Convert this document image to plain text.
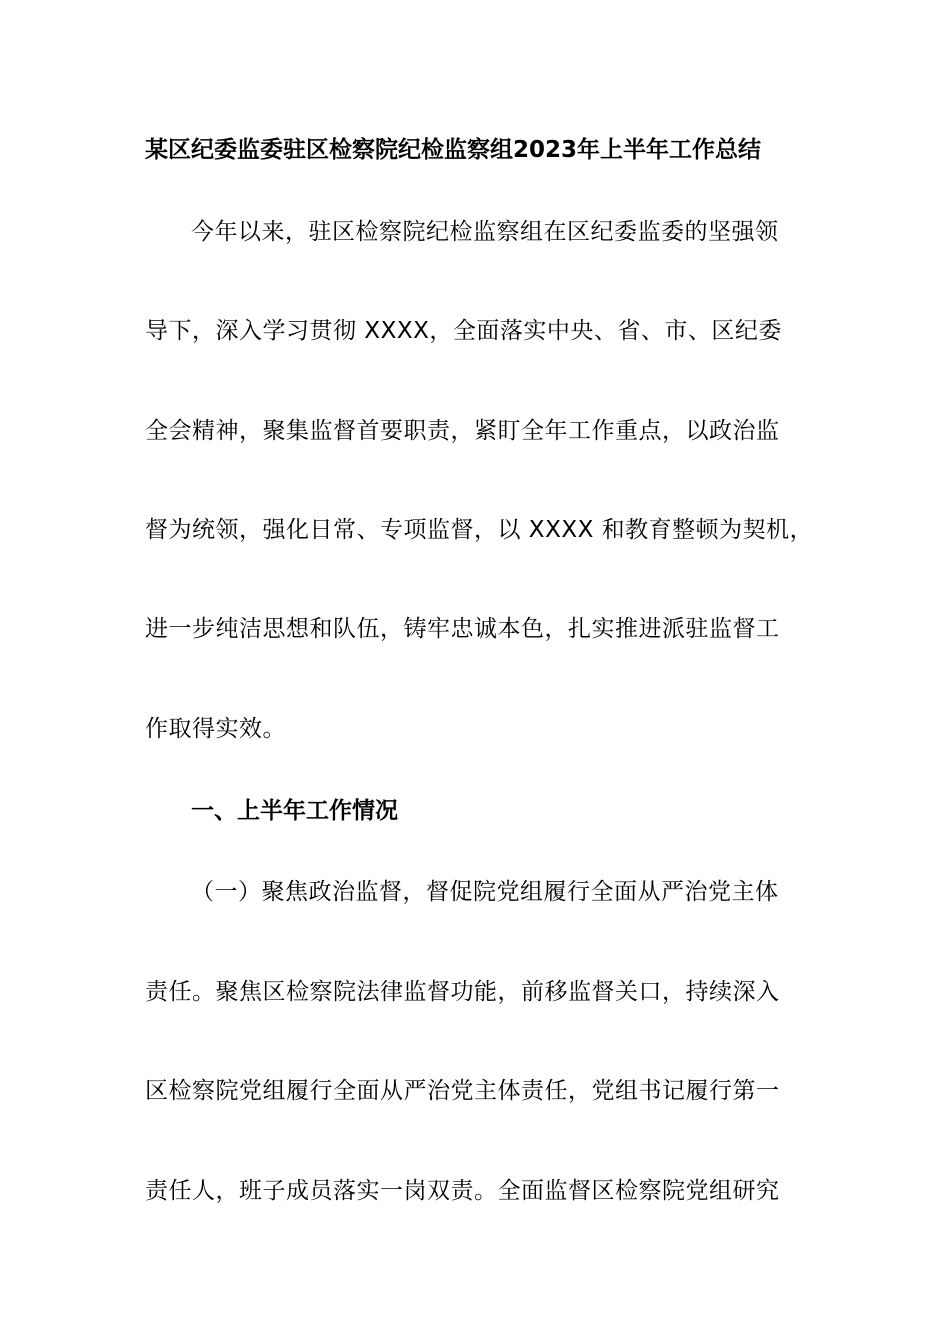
某区纪委监委驻区检察院纪检监察组2023年上半年工作总结
今年以来，驻区检察院纪检监察组在区纪委监委的坚强领
导下，深入学习贯彻 XXXX，全面落实中央、省、市、区纪委
全会精神，聚集监督首要职责，紧盯全年工作重点，以政治监
督为统领，强化日常、专项监督，以 XXXX 和教育整顿为契机，
进一步纯洁思想和队伍，铸牢忠诚本色，扎实推进派驻监督工
作取得实效。
一、上半年工作情况
（一）聚焦政治监督，督促院党组履行全面从严治党主体
责任。聚焦区检察院法律监督功能，前移监督关口，持续深入
区检察院党组履行全面从严治党主体责任，党组书记履行第一
责任人，班子成员落实一岗双责。全面监督区检察院党组研究
